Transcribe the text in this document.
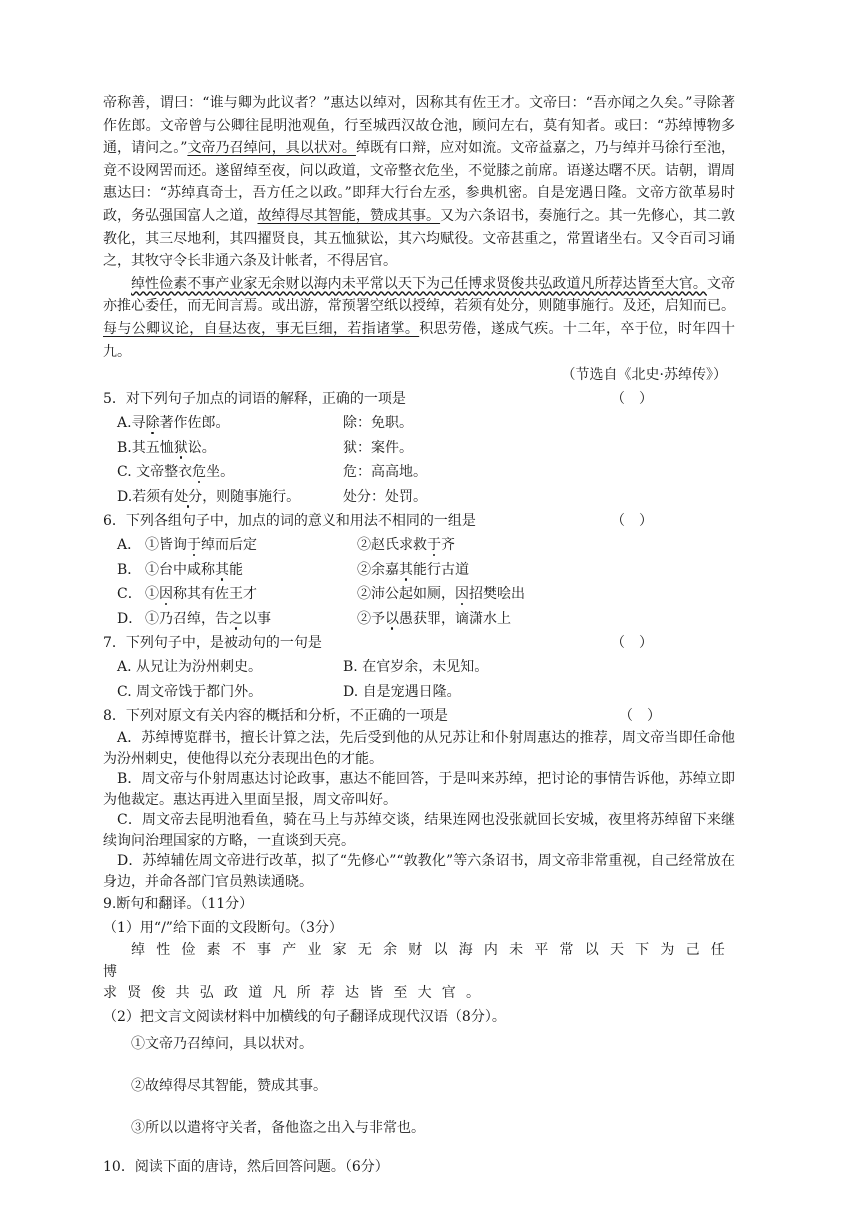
帝称善，谓曰：“谁与卿为此议者？”惠达以绰对，因称其有佐王才。文帝曰：“吾亦闻之久矣。”寻除著作佐郎。文帝曾与公卿往昆明池观鱼，行至城西汉故仓池，顾问左右，莫有知者。或曰：“苏绰博物多通，请问之。”文帝乃召绰问，具以状对。绰既有口辩，应对如流。文帝益嘉之，乃与绰并马徐行至池，竟不设网罟而还。遂留绰至夜，问以政道，文帝整衣危坐，不觉膝之前席。语遂达曙不厌。诘朝，谓周惠达曰：“苏绰真奇士，吾方任之以政。”即拜大行台左丞，参典机密。自是宠遇日隆。文帝方欲革易时政，务弘强国富人之道，故绰得尽其智能，赞成其事。又为六条诏书，奏施行之。其一先修心，其二敦教化，其三尽地利，其四擢贤良，其五恤狱讼，其六均赋役。文帝甚重之，常置诸坐右。又令百司习诵之，其牧守令长非通六条及计帐者，不得居官。

绰性俭素不事产业家无余财以海内未平常以天下为己任博求贤俊共弘政道凡所荐达皆至大官。文帝亦推心委任，而无间言焉。或出游，常预署空纸以授绰，若须有处分，则随事施行。及还，启知而已。每与公卿议论，自昼达夜，事无巨细，若指诸掌。积思劳倦，遂成气疾。十二年，卒于位，时年四十九。

（节选自《北史·苏绰传》）

5．对下列句子加点的词语的解释，正确的一项是	（　）

A.寻除著作佐郎。	除：免职。
B.其五恤狱讼。	狱：案件。
C. 文帝整衣危坐。	危：高高地。
D.若须有处分，则随事施行。	处分：处罚。

6．下列各组句子中，加点的词的意义和用法不相同的一组是	（　）

A． ①皆询于绰而后定	②赵氏求救于齐
B． ①台中咸称其能	②余嘉其能行古道
C． ①因称其有佐王才	②沛公起如厕，因招樊哙出
D． ①乃召绰，告之以事	②予以愚获罪，谪潇水上

7．下列句子中，是被动句的一句是	（　）

A. 从兄让为汾州刺史。	B. 在官岁余，未见知。
C. 周文帝饯于都门外。	D. 自是宠遇日隆。

8．下列对原文有关内容的概括和分析，不正确的一项是	（　）

A．苏绰博览群书，擅长计算之法，先后受到他的从兄苏让和仆射周惠达的推荐，周文帝当即任命他为汾州刺史，使他得以充分表现出色的才能。

B．周文帝与仆射周惠达讨论政事，惠达不能回答，于是叫来苏绰，把讨论的事情告诉他，苏绰立即为他裁定。惠达再进入里面呈报，周文帝叫好。

C．周文帝去昆明池看鱼，骑在马上与苏绰交谈，结果连网也没张就回长安城，夜里将苏绰留下来继续询问治理国家的方略，一直谈到天亮。

D．苏绰辅佐周文帝进行改革，拟了“先修心”“敦教化”等六条诏书，周文帝非常重视，自己经常放在身边，并命各部门官员熟读通晓。

9.断句和翻译。（11分）

（1）用“/”给下面的文段断句。（3分）

绰性俭素不事产业家无余财以海内未平常以天下为己任博

求贤俊共弘政道凡所荐达皆至大官。

（2）把文言文阅读材料中加横线的句子翻译成现代汉语（8分）。

①文帝乃召绰问，具以状对。

②故绰得尽其智能，赞成其事。

③所以以遣将守关者，备他盗之出入与非常也。

10．阅读下面的唐诗，然后回答问题。（6分）
